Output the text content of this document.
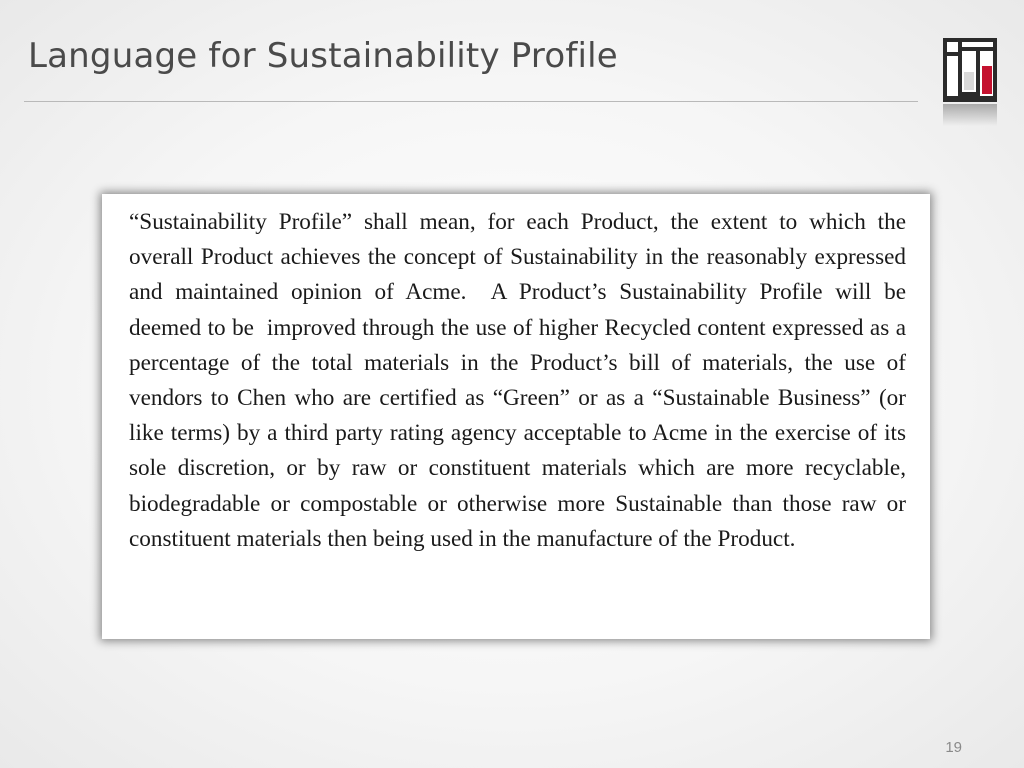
Language for Sustainability Profile

“Sustainability Profile” shall mean, for each Product, the extent to which the overall Product achieves the concept of Sustainability in the reasonably expressed and maintained opinion of Acme.  A Product’s Sustainability Profile will be deemed to be  improved through the use of higher Recycled content expressed as a percentage of the total materials in the Product’s bill of materials, the use of vendors to Chen who are certified as “Green” or as a “Sustainable Business” (or like terms) by a third party rating agency acceptable to Acme in the exercise of its sole discretion, or by raw or constituent materials which are more recyclable, biodegradable or compostable or otherwise more Sustainable than those raw or constituent materials then being used in the manufacture of the Product.

19
